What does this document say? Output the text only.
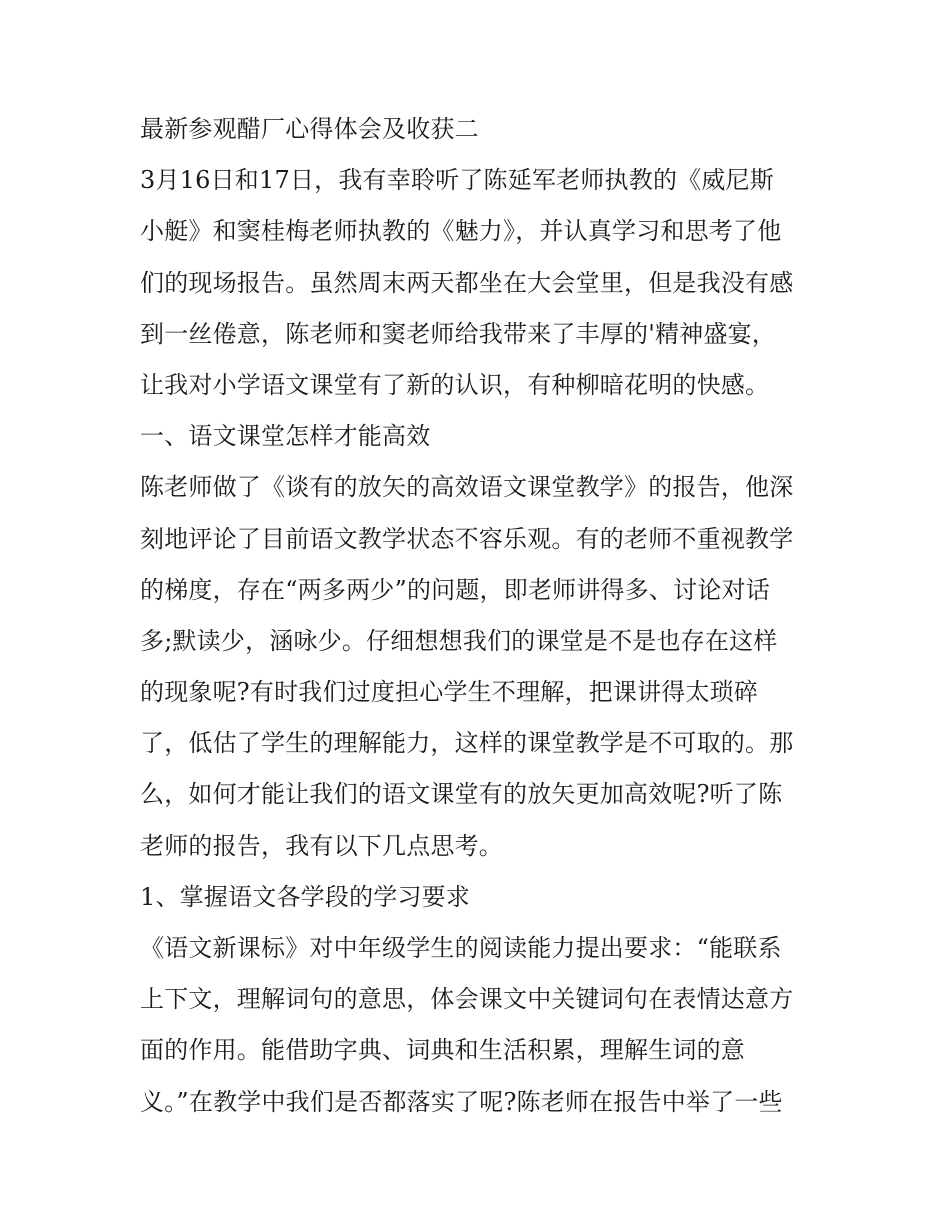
最新参观醋厂心得体会及收获二
3月16日和17日，我有幸聆听了陈延军老师执教的《威尼斯
小艇》和窦桂梅老师执教的《魅力》，并认真学习和思考了他
们的现场报告。虽然周末两天都坐在大会堂里，但是我没有感
到一丝倦意，陈老师和窦老师给我带来了丰厚的'精神盛宴，
让我对小学语文课堂有了新的认识，有种柳暗花明的快感。
一、语文课堂怎样才能高效
陈老师做了《谈有的放矢的高效语文课堂教学》的报告，他深
刻地评论了目前语文教学状态不容乐观。有的老师不重视教学
的梯度，存在“两多两少”的问题，即老师讲得多、讨论对话
多;默读少，涵咏少。仔细想想我们的课堂是不是也存在这样
的现象呢?有时我们过度担心学生不理解，把课讲得太琐碎
了，低估了学生的理解能力，这样的课堂教学是不可取的。那
么，如何才能让我们的语文课堂有的放矢更加高效呢?听了陈
老师的报告，我有以下几点思考。
1、掌握语文各学段的学习要求
《语文新课标》对中年级学生的阅读能力提出要求：“能联系
上下文，理解词句的意思，体会课文中关键词句在表情达意方
面的作用。能借助字典、词典和生活积累，理解生词的意
义。”在教学中我们是否都落实了呢?陈老师在报告中举了一些
